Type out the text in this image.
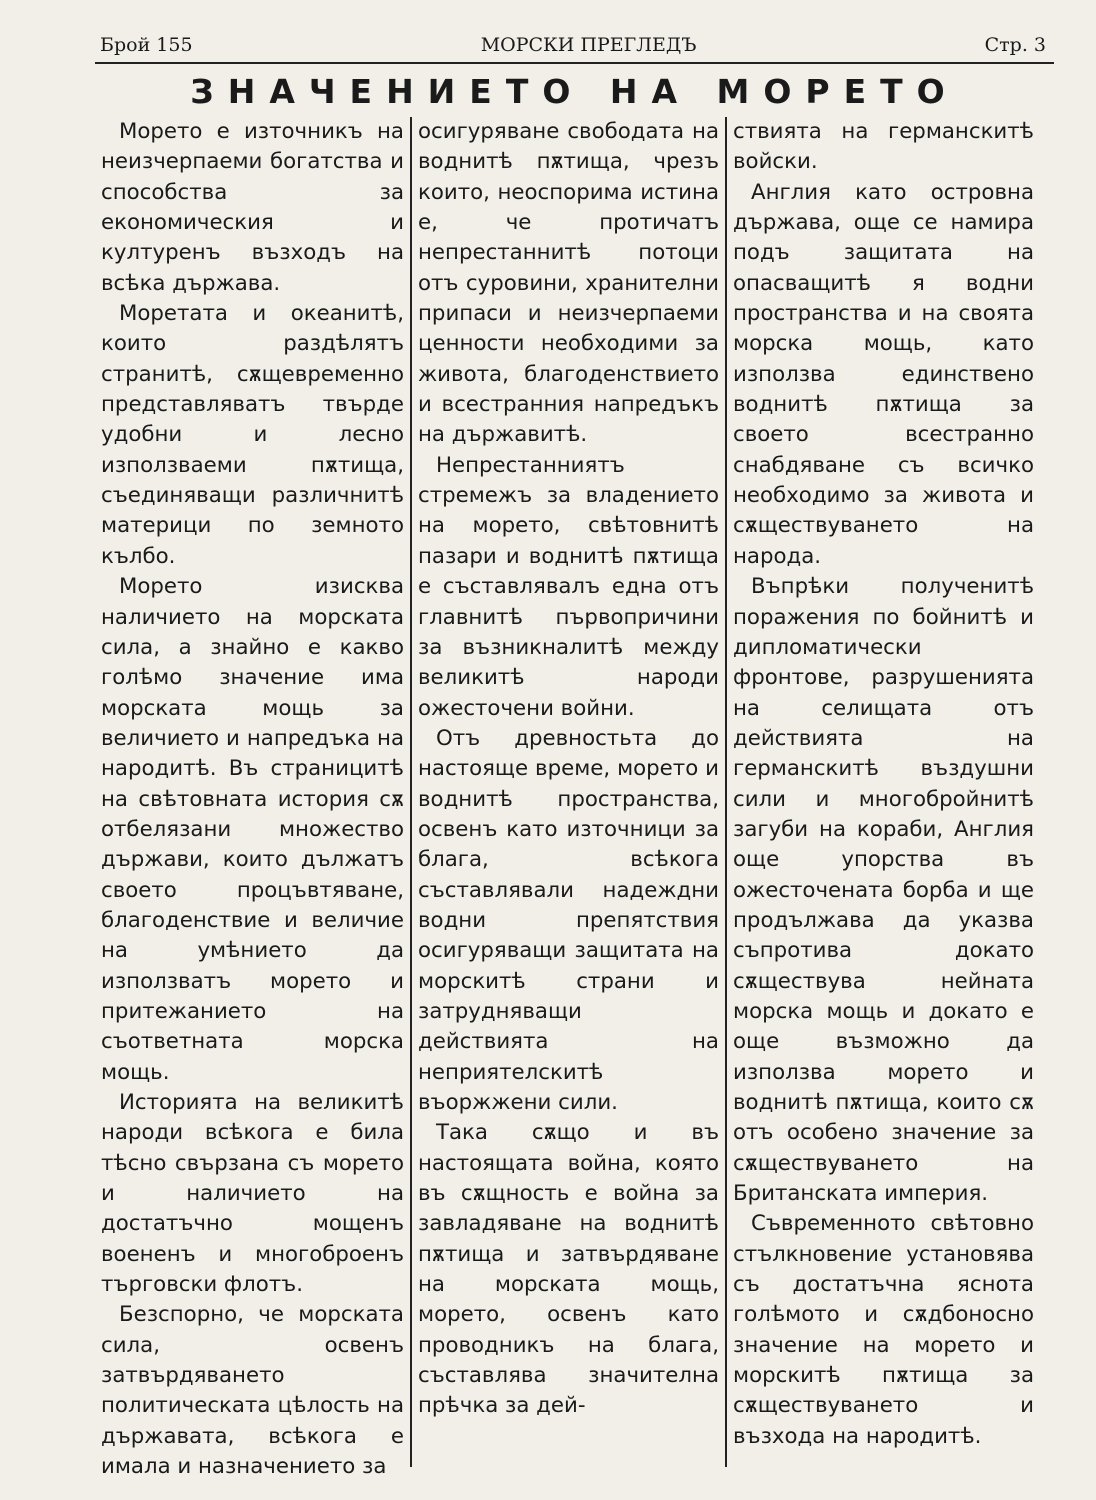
Брой 155	МОРСКИ ПРЕГЛЕДЪ	Стр. 3
ЗНАЧЕНИЕТО НА МОРЕТО

Морето е източникъ на неизчерпаеми богатства и способства за економическия и културенъ възходъ на всѣка държава.

Моретата и океанитѣ, които раздѣлятъ странитѣ, сѫщевременно представляватъ твърде удобни и лесно използваеми пѫтища, съединяващи различнитѣ материци по земното кълбо.

Морето изисква наличието на морската сила, а знайно е какво голѣмо значение има морската мощь за величието и напредъка на народитѣ. Въ страницитѣ на свѣтовната история сѫ отбелязани множество държави, които дължатъ своето процъвтяване, благоденствие и величие на умѣнието да използватъ морето и притежанието на съответната морска мощь.

Историята на великитѣ народи всѣкога е била тѣсно свързана съ морето и наличието на достатъчно мощенъ воененъ и многоброенъ търговски флотъ.

Безспорно, че морската сила, освенъ затвърдяването политическата цѣлость на държавата, всѣкога е имала и назначението за

осигуряване свободата на воднитѣ пѫтища, чрезъ които, неоспорима истина е, че протичатъ непрестаннитѣ потоци отъ суровини, хранителни припаси и неизчерпаеми ценности необходими за живота, благоденствието и всестранния напредъкъ на държавитѣ.

Непрестанниятъ стремежъ за владението на морето, свѣтовнитѣ пазари и воднитѣ пѫтища е съставлявалъ една отъ главнитѣ първопричини за възникналитѣ между великитѣ народи ожесточени войни.

Отъ древностьта до настояще време, морето и воднитѣ пространства, освенъ като източници за блага, всѣкога съставлявали надеждни водни препятствия осигуряващи защитата на морскитѣ страни и затрудняващи действията на неприятелскитѣ въоржжени сили.

Така сѫщо и въ настоящата война, която въ сѫщность е война за завладяване на воднитѣ пѫтища и затвърдяване на морската мощь, морето, освенъ като проводникъ на блага, съставлява значителна прѣчка за дей-

ствията на германскитѣ войски.

Англия като островна държава, още се намира подъ защитата на опасващитѣ я водни пространства и на своята морска мощь, като използва единствено воднитѣ пѫтища за своето всестранно снабдяване съ всичко необходимо за живота и сѫществуването на народа.

Въпрѣки полученитѣ поражения по бойнитѣ и дипломатически фронтове, разрушенията на селищата отъ действията на германскитѣ въздушни сили и многобройнитѣ загуби на кораби, Англия още упорства въ ожесточената борба и ще продължава да указва съпротива докато сѫществува нейната морска мощь и докато е още възможно да използва морето и воднитѣ пѫтища, които сѫ отъ особено значение за сѫществуването на Британската империя.

Съвременното свѣтовно стълкновение установява съ достатъчна яснота голѣмото и сѫдбоносно значение на морето и морскитѣ пѫтища за сѫществуването и възхода на народитѣ.
